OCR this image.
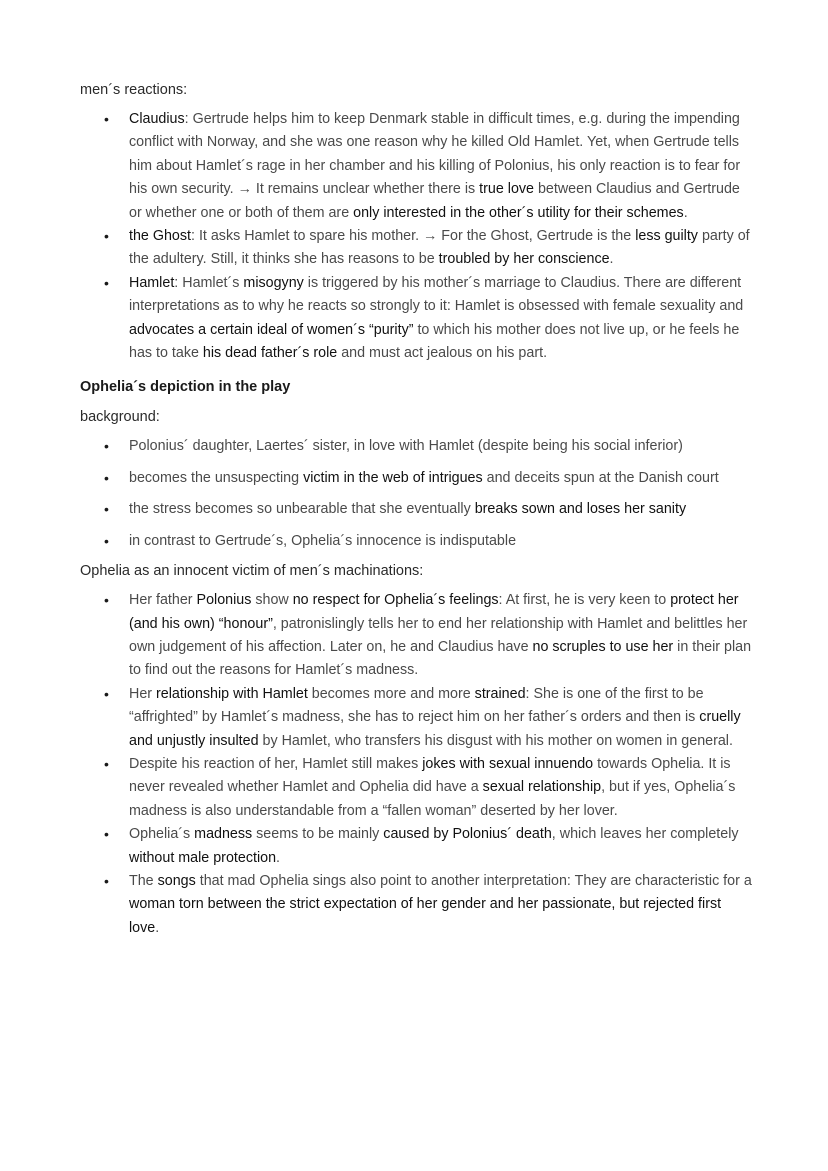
men´s reactions:

• Claudius: Gertrude helps him to keep Denmark stable in difficult times, e.g. during the impending conflict with Norway, and she was one reason why he killed Old Hamlet. Yet, when Gertrude tells him about Hamlet´s rage in her chamber and his killing of Polonius, his only reaction is to fear for his own security. → It remains unclear whether there is true love between Claudius and Gertrude or whether one or both of them are only interested in the other´s utility for their schemes.
• the Ghost: It asks Hamlet to spare his mother. → For the Ghost, Gertrude is the less guilty party of the adultery. Still, it thinks she has reasons to be troubled by her conscience.
• Hamlet: Hamlet´s misogyny is triggered by his mother´s marriage to Claudius. There are different interpretations as to why he reacts so strongly to it: Hamlet is obsessed with female sexuality and advocates a certain ideal of women´s “purity” to which his mother does not live up, or he feels he has to take his dead father´s role and must act jealous on his part.

Ophelia´s depiction in the play

background:

• Polonius´ daughter, Laertes´ sister, in love with Hamlet (despite being his social inferior)
• becomes the unsuspecting victim in the web of intrigues and deceits spun at the Danish court
• the stress becomes so unbearable that she eventually breaks sown and loses her sanity
• in contrast to Gertrude´s, Ophelia´s innocence is indisputable

Ophelia as an innocent victim of men´s machinations:

• Her father Polonius show no respect for Ophelia´s feelings: At first, he is very keen to protect her (and his own) “honour”, patronislingly tells her to end her relationship with Hamlet and belittles her own judgement of his affection. Later on, he and Claudius have no scruples to use her in their plan to find out the reasons for Hamlet´s madness.
• Her relationship with Hamlet becomes more and more strained: She is one of the first to be “affrighted” by Hamlet´s madness, she has to reject him on her father´s orders and then is cruelly and unjustly insulted by Hamlet, who transfers his disgust with his mother on women in general.
• Despite his reaction of her, Hamlet still makes jokes with sexual innuendo towards Ophelia. It is never revealed whether Hamlet and Ophelia did have a sexual relationship, but if yes, Ophelia´s madness is also understandable from a “fallen woman” deserted by her lover.
• Ophelia´s madness seems to be mainly caused by Polonius´ death, which leaves her completely without male protection.
• The songs that mad Ophelia sings also point to another interpretation: They are characteristic for a woman torn between the strict expectation of her gender and her passionate, but rejected first love.
